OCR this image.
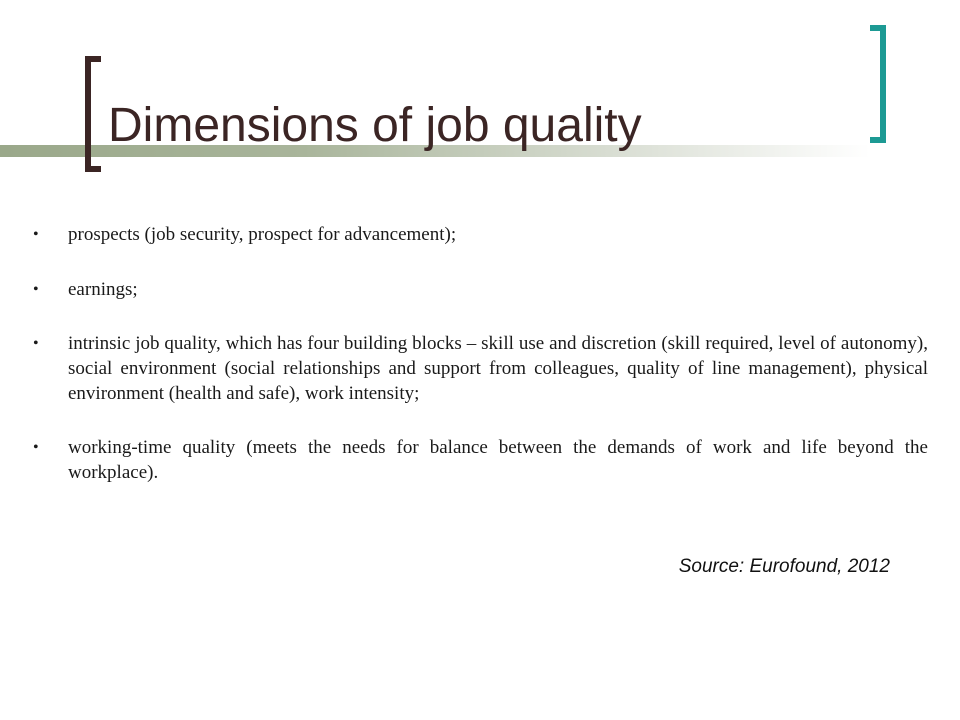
Dimensions of job quality
• prospects (job security, prospect for advancement);
• earnings;
• intrinsic job quality, which has four building blocks – skill use and discretion (skill required, level of autonomy), social environment (social relationships and support from colleagues, quality of line management), physical environment (health and safe), work intensity;
• working-time quality (meets the needs for balance between the demands of work and life beyond the workplace).

Source: Eurofound, 2012
